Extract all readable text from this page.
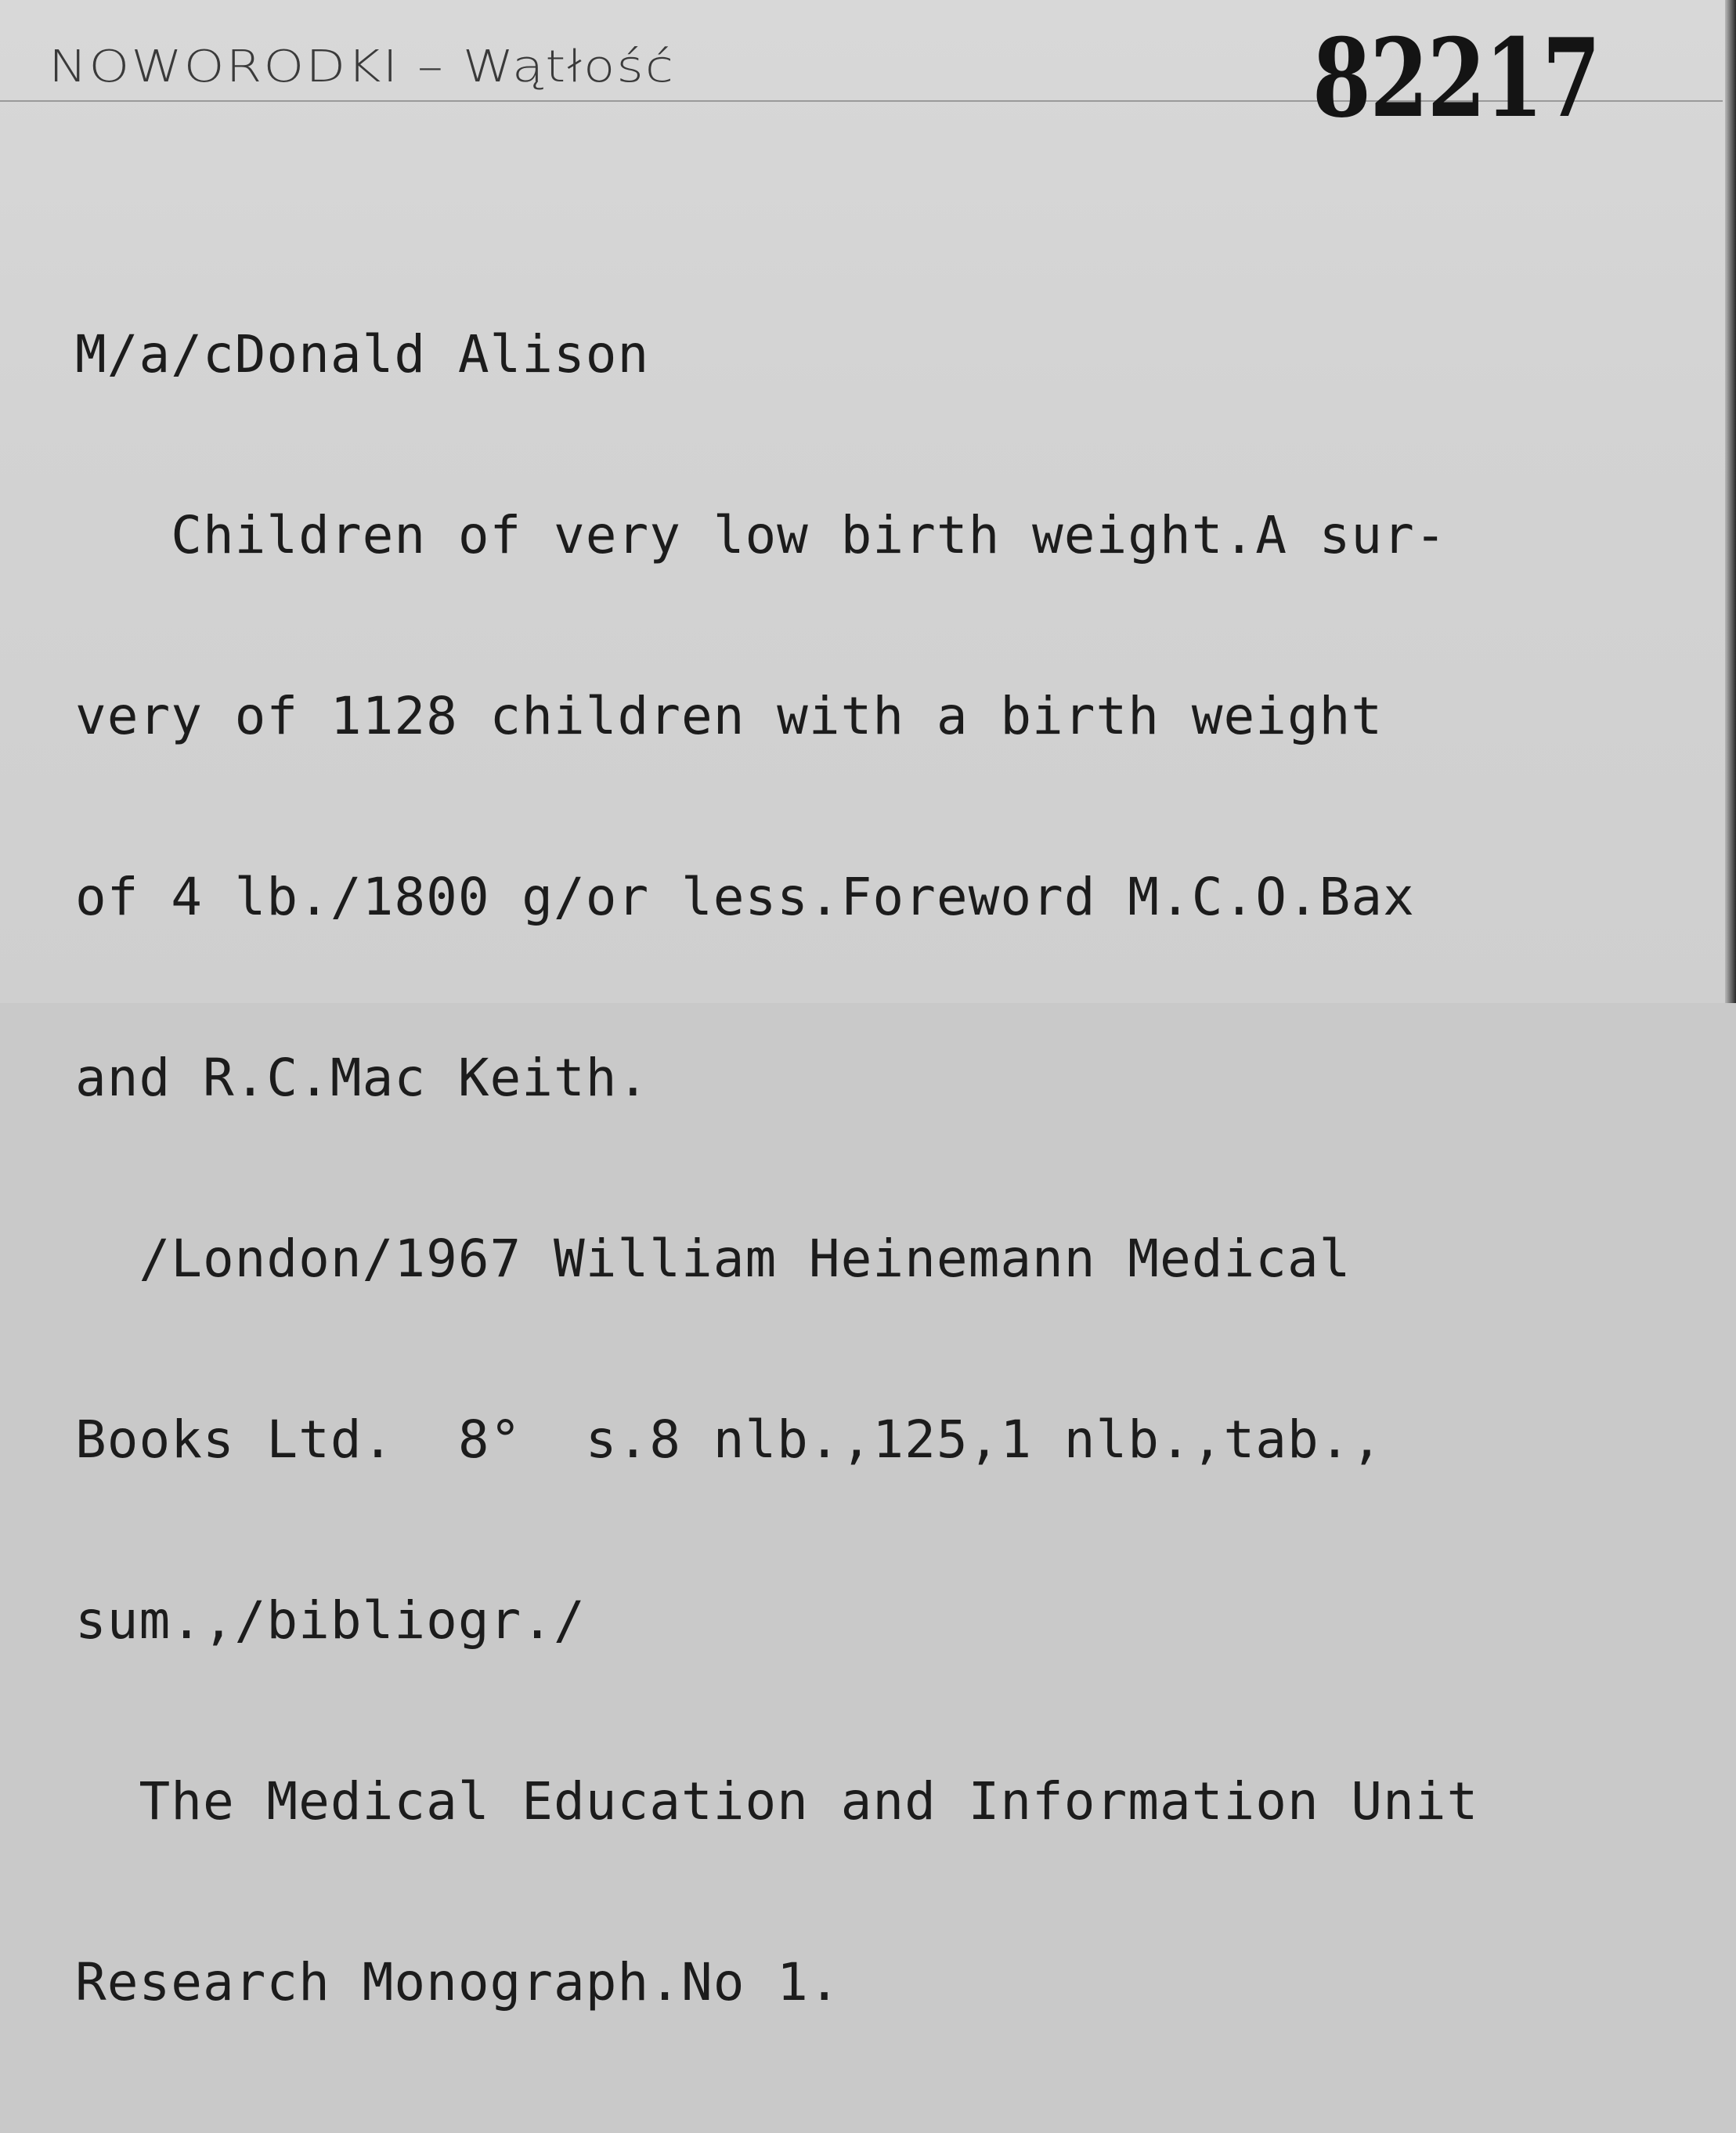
NOWORODKI – Wątłość	82217

M/a/cDonald Alison

Children of very low birth weight.A sur-

very of 1128 children with a birth weight

of 4 lb./1800 g/or less.Foreword M.C.O.Bax

and R.C.Mac Keith.

/London/1967 William Heinemann Medical

Books Ltd.  8°  s.8 nlb.,125,1 nlb.,tab.,

sum.,/bibliogr./

The Medical Education and Information Unit

Research Monograph.No 1.
